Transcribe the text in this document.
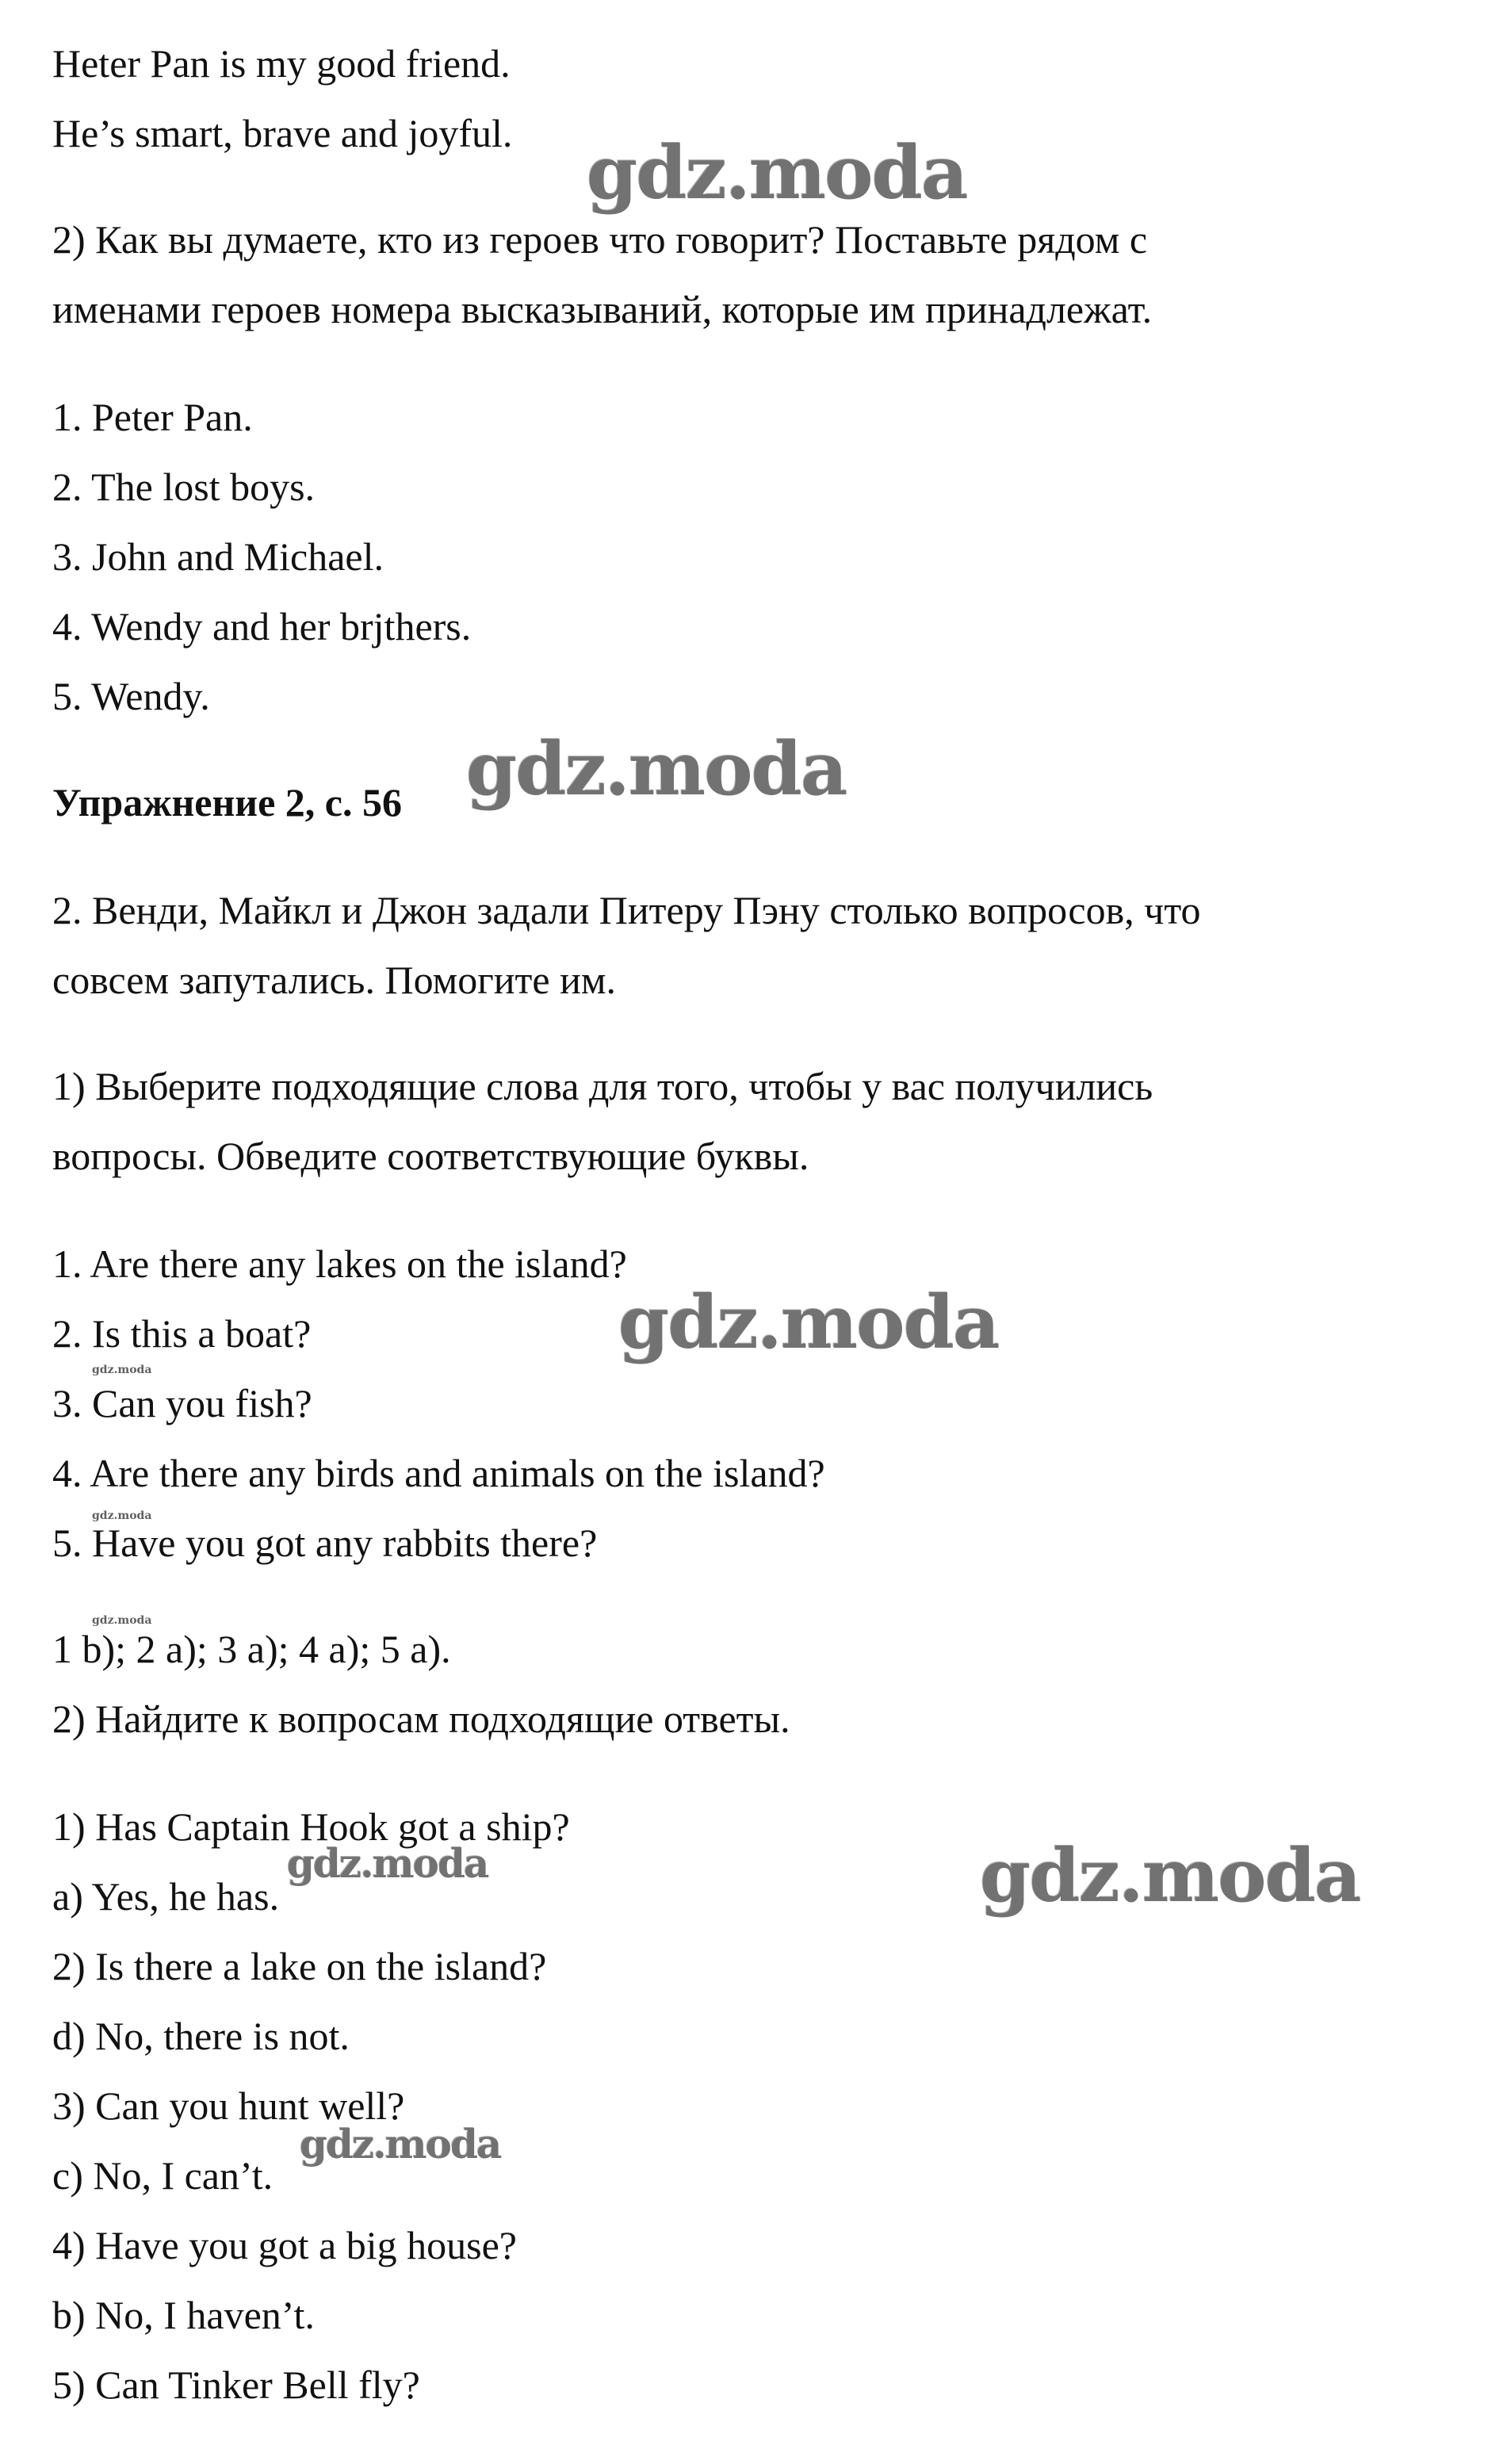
Heter Pan is my good friend.
He’s smart, brave and joyful.
2) Как вы думаете, кто из героев что говорит? Поставьте рядом с
именами героев номера высказываний, которые им принадлежат.
1. Peter Pan.
2. The lost boys.
3. John and Michael.
4. Wendy and her brjthers.
5. Wendy.
Упражнение 2, с. 56
2. Венди, Майкл и Джон задали Питеру Пэну столько вопросов, что
совсем запутались. Помогите им.
1) Выберите подходящие слова для того, чтобы у вас получились
вопросы. Обведите соответствующие буквы.
1. Are there any lakes on the island?
2. Is this a boat?
3. Can you fish?
4. Are there any birds and animals on the island?
5. Have you got any rabbits there?
1 b); 2 a); 3 a); 4 a); 5 a).
2) Найдите к вопросам подходящие ответы.
1) Has Captain Hook got a ship?
a) Yes, he has.
2) Is there a lake on the island?
d) No, there is not.
3) Can you hunt well?
c) No, I can’t.
4) Have you got a big house?
b) No, I haven’t.
5) Can Tinker Bell fly?
gdz.moda
gdz.moda
gdz.moda
gdz.moda
gdz.moda
gdz.moda
gdz.moda
gdz.moda
gdz.moda
